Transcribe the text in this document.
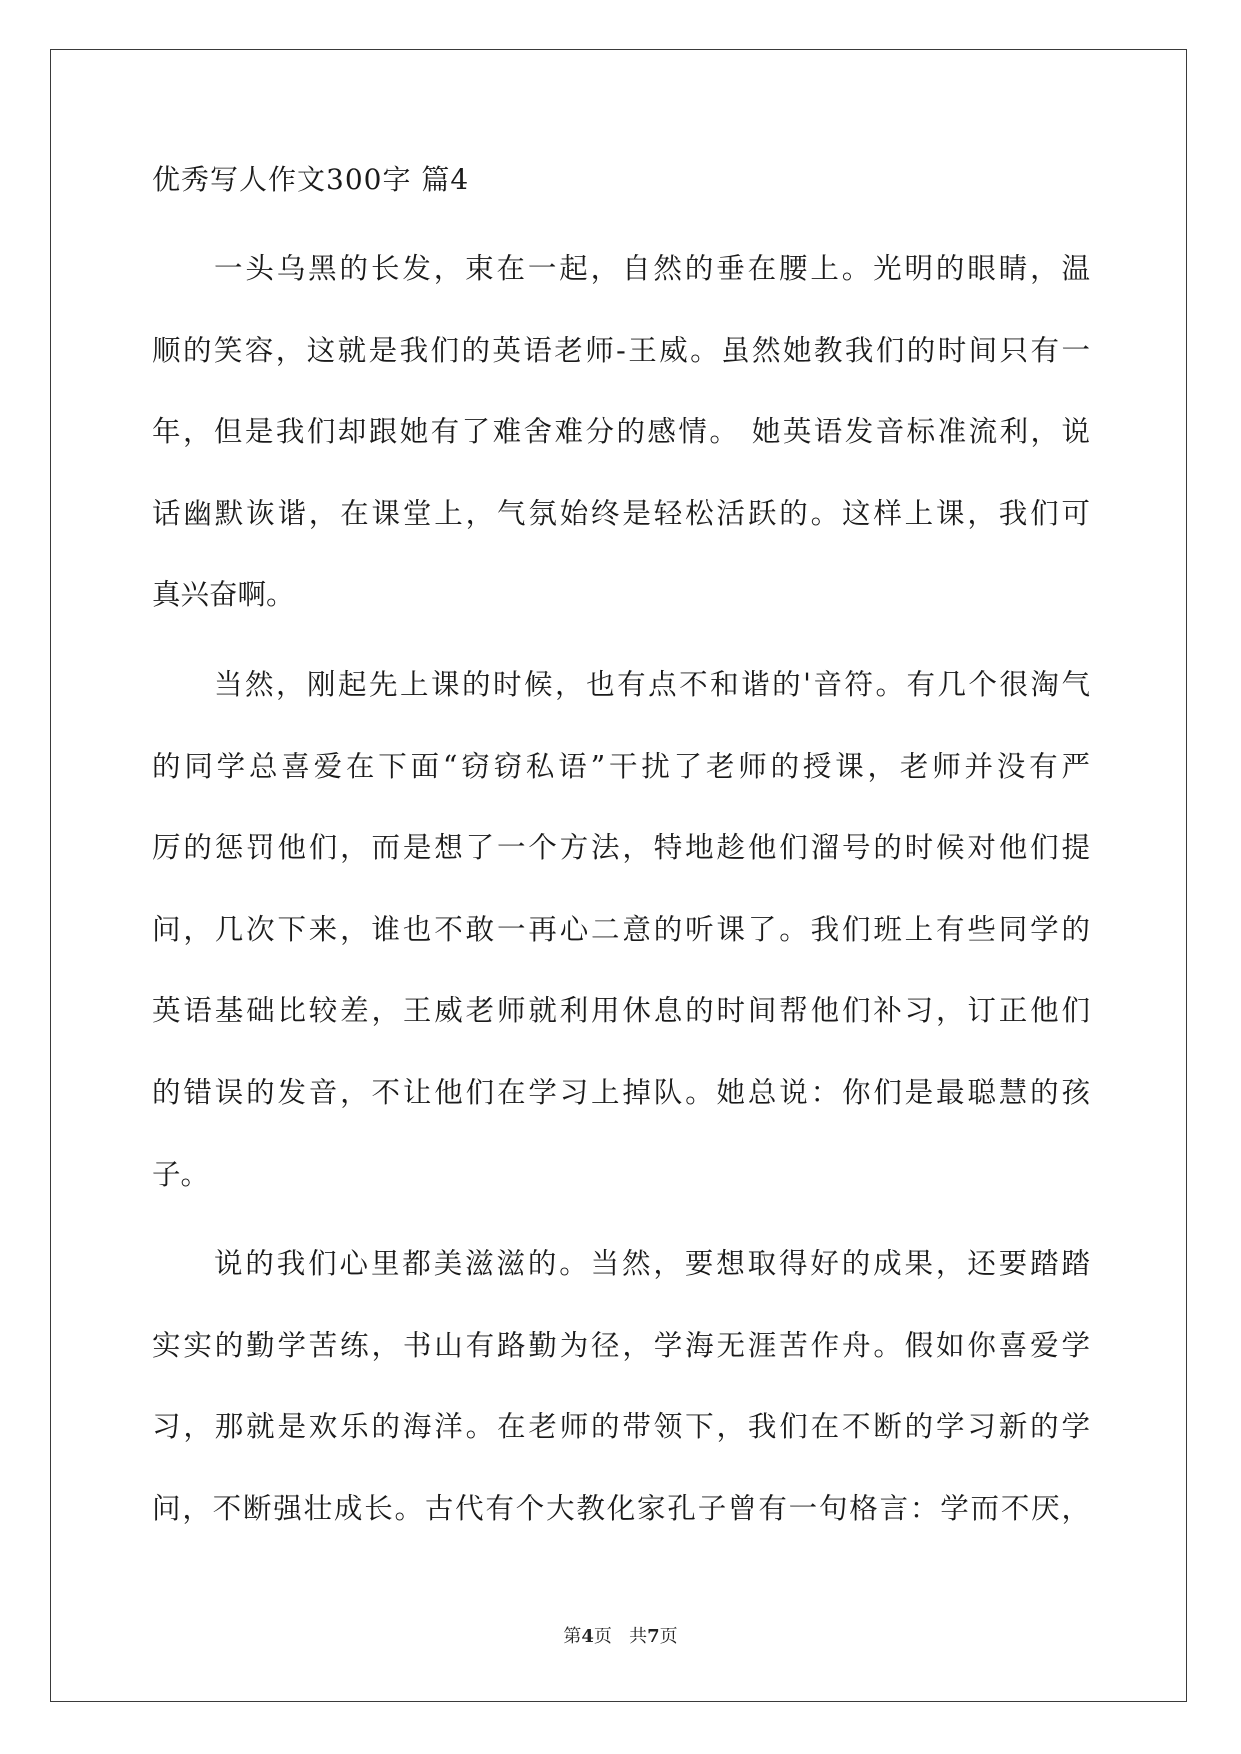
优秀写人作文300字 篇4
一头乌黑的长发，束在一起，自然的垂在腰上。光明的眼睛，温
顺的笑容，这就是我们的英语老师-王威。虽然她教我们的时间只有一
年，但是我们却跟她有了难舍难分的感情。 她英语发音标准流利，说
话幽默诙谐，在课堂上，气氛始终是轻松活跃的。这样上课，我们可
真兴奋啊。
当然，刚起先上课的时候，也有点不和谐的'音符。有几个很淘气
的同学总喜爱在下面“窃窃私语”干扰了老师的授课，老师并没有严
厉的惩罚他们，而是想了一个方法，特地趁他们溜号的时候对他们提
问，几次下来，谁也不敢一再心二意的听课了。我们班上有些同学的
英语基础比较差，王威老师就利用休息的时间帮他们补习，订正他们
的错误的发音，不让他们在学习上掉队。她总说：你们是最聪慧的孩
子。
说的我们心里都美滋滋的。当然，要想取得好的成果，还要踏踏
实实的勤学苦练，书山有路勤为径，学海无涯苦作舟。假如你喜爱学
习，那就是欢乐的海洋。在老师的带领下，我们在不断的学习新的学
问，不断强壮成长。古代有个大教化家孔子曾有一句格言：学而不厌，
第4页 共7页
